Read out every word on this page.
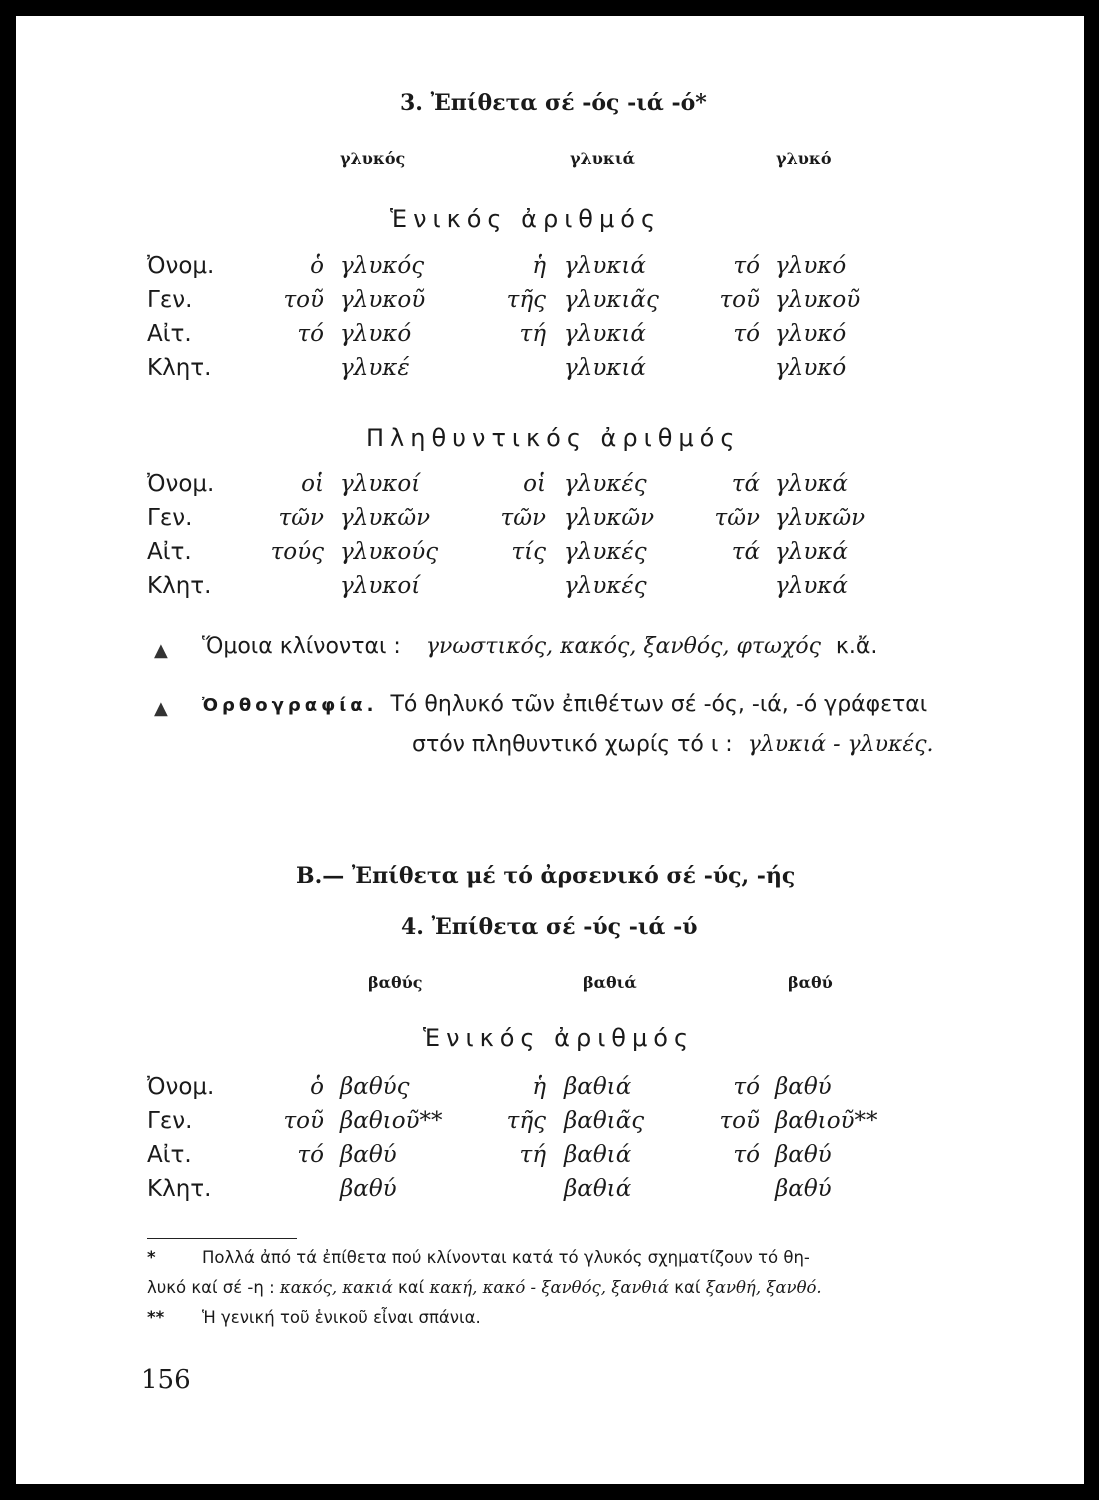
3. Ἐπίθετα σέ -ός -ιά -ό*
γλυκός	γλυκιά	γλυκό
Ἑνικός ἀριθμός
Ὀνομ.	ὁ γλυκός	ἡ γλυκιά	τό γλυκό
Γεν.	τοῦ γλυκοῦ	τῆς γλυκιᾶς	τοῦ γλυκοῦ
Αἰτ.	τό γλυκό	τή γλυκιά	τό γλυκό
Κλητ.	γλυκέ	γλυκιά	γλυκό
Πληθυντικός ἀριθμός
Ὀνομ.	οἱ γλυκοί	οἱ γλυκές	τά γλυκά
Γεν.	τῶν γλυκῶν	τῶν γλυκῶν	τῶν γλυκῶν
Αἰτ.	τούς γλυκούς	τίς γλυκές	τά γλυκά
Κλητ.	γλυκοί	γλυκές	γλυκά
▲ Ὅμοια κλίνονται : γνωστικός, κακός, ξανθός, φτωχός κ.ἄ.
▲ Ὀρθογραφία. Τό θηλυκό τῶν ἐπιθέτων σέ -ός, -ιά, -ό γράφεται
στόν πληθυντικό χωρίς τό ι : γλυκιά - γλυκές.
Β.— Ἐπίθετα μέ τό ἀρσενικό σέ -ύς, -ής
4. Ἐπίθετα σέ -ύς -ιά -ύ
βαθύς	βαθιά	βαθύ
Ἑνικός ἀριθμός
Ὀνομ.	ὁ βαθύς	ἡ βαθιά	τό βαθύ
Γεν.	τοῦ βαθιοῦ**	τῆς βαθιᾶς	τοῦ βαθιοῦ**
Αἰτ.	τό βαθύ	τή βαθιά	τό βαθύ
Κλητ.	βαθύ	βαθιά	βαθύ
*	Πολλά ἀπό τά ἐπίθετα πού κλίνονται κατά τό γλυκός σχηματίζουν τό θη-
λυκό καί σέ -η : κακός, κακιά καί κακή, κακό - ξανθός, ξανθιά καί ξανθή, ξανθό.
** Ἡ γενική τοῦ ἑνικοῦ εἶναι σπάνια.
156
